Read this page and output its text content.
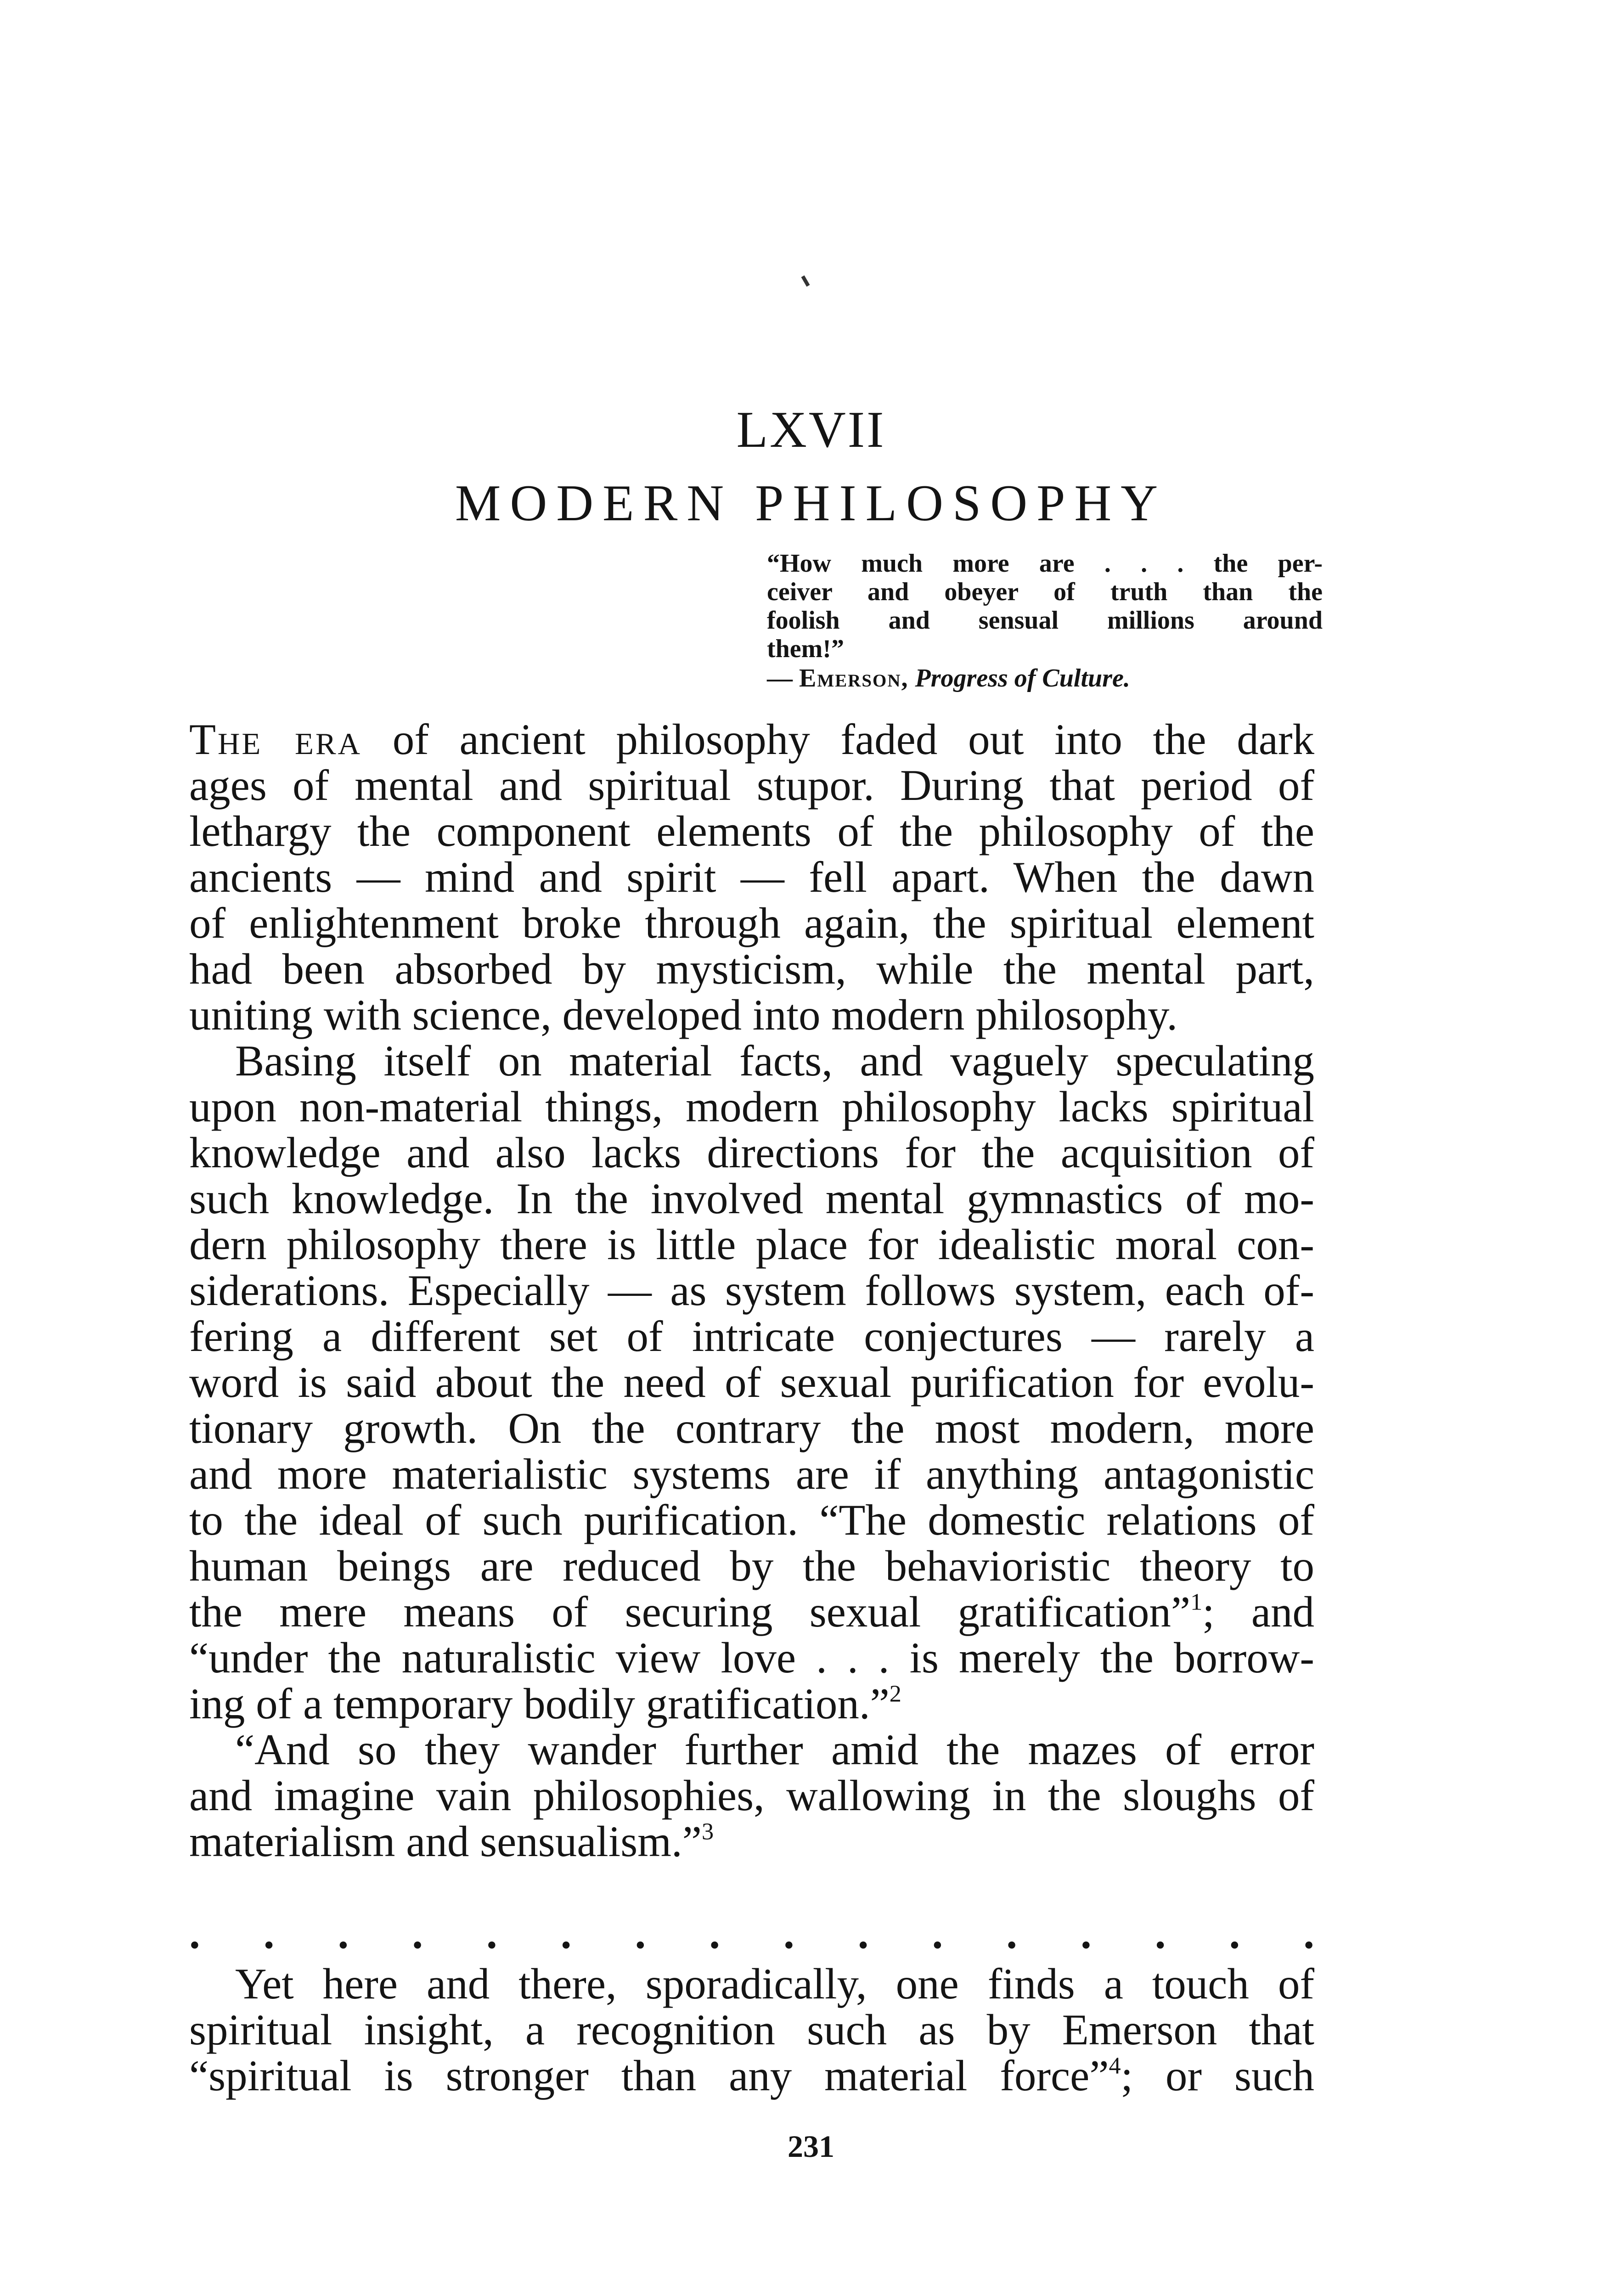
LXVII
MODERN PHILOSOPHY
“How much more are . . . the per-
ceiver and obeyer of truth than the
foolish and sensual millions around
them!”
— Emerson, Progress of Culture.
The era of ancient philosophy faded out into the dark
ages of mental and spiritual stupor. During that period of
lethargy the component elements of the philosophy of the
ancients — mind and spirit — fell apart. When the dawn
of enlightenment broke through again, the spiritual element
had been absorbed by mysticism, while the mental part,
uniting with science, developed into modern philosophy.
Basing itself on material facts, and vaguely speculating
upon non-material things, modern philosophy lacks spiritual
knowledge and also lacks directions for the acquisition of
such knowledge. In the involved mental gymnastics of mo-
dern philosophy there is little place for idealistic moral con-
siderations. Especially — as system follows system, each of-
fering a different set of intricate conjectures — rarely a
word is said about the need of sexual purification for evolu-
tionary growth. On the contrary the most modern, more
and more materialistic systems are if anything antagonistic
to the ideal of such purification. “The domestic relations of
human beings are reduced by the behavioristic theory to
the mere means of securing sexual gratification”$^1$; and
“under the naturalistic view love . . . is merely the borrow-
ing of a temporary bodily gratification.”$^2$
“And so they wander further amid the mazes of error
and imagine vain philosophies, wallowing in the sloughs of
materialism and sensualism.”$^3$
. . . . . . . . . . . . . . . .
Yet here and there, sporadically, one finds a touch of
spiritual insight, a recognition such as by Emerson that
“spiritual is stronger than any material force”$^4$; or such
231
